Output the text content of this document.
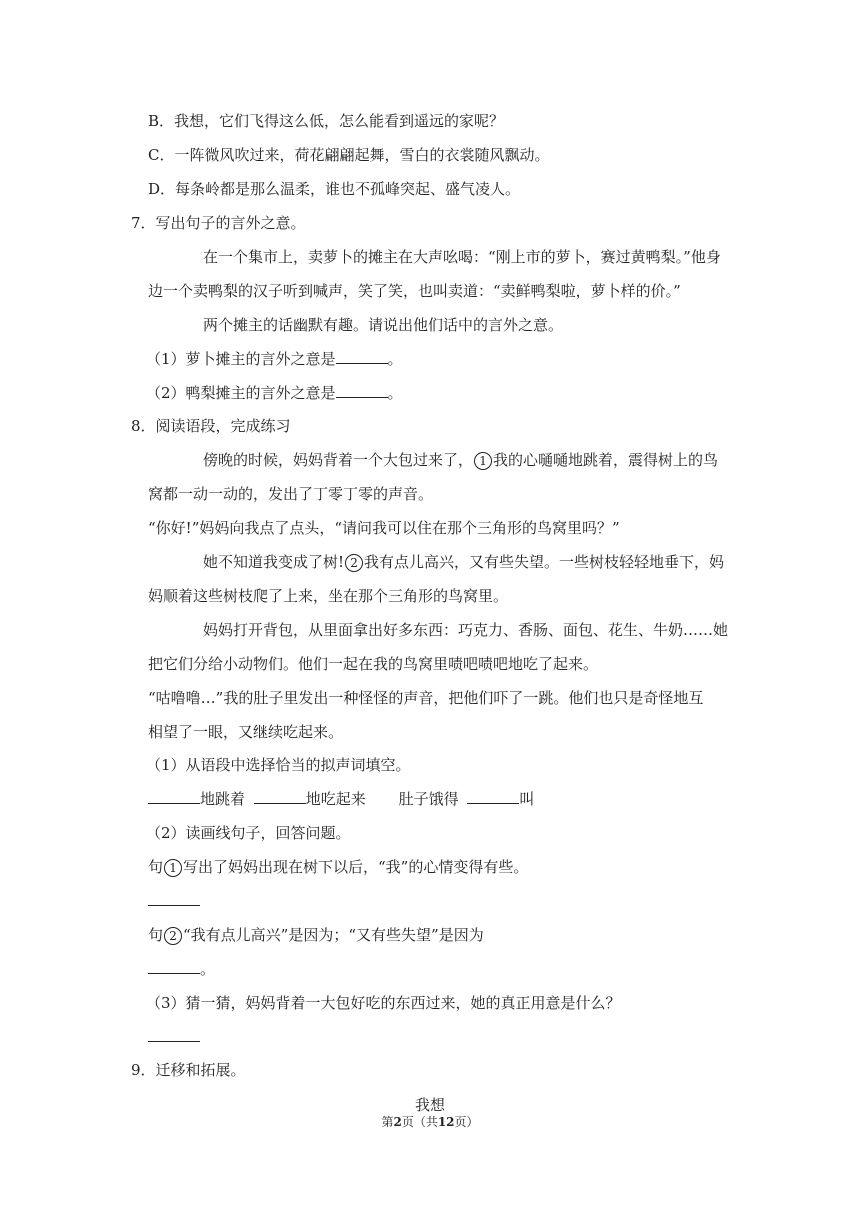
B．我想，它们飞得这么低，怎么能看到遥远的家呢？
C．一阵微风吹过来，荷花翩翩起舞，雪白的衣裳随风飘动。
D．每条岭都是那么温柔，谁也不孤峰突起、盛气凌人。
7．写出句子的言外之意。
在一个集市上，卖萝卜的摊主在大声吆喝：“刚上市的萝卜，赛过黄鸭梨。”他身
边一个卖鸭梨的汉子听到喊声，笑了笑，也叫卖道：“卖鲜鸭梨啦，萝卜样的价。”
两个摊主的话幽默有趣。请说出他们话中的言外之意。
（1）萝卜摊主的言外之意是	。
（2）鸭梨摊主的言外之意是	。
8．阅读语段，完成练习
傍晚的时候，妈妈背着一个大包过来了， 1 我的心嗵嗵地跳着，震得树上的鸟
窝都一动一动的，发出了丁零丁零的声音。
“你好!”妈妈向我点了点头，“请问我可以住在那个三角形的鸟窝里吗？”
她不知道我变成了树! 2 我有点儿高兴，又有些失望。一些树枝轻轻地垂下，妈
妈顺着这些树枝爬了上来，坐在那个三角形的鸟窝里。
妈妈打开背包，从里面拿出好多东西：巧克力、香肠、面包、花生、牛奶……她
把它们分给小动物们。他们一起在我的鸟窝里啧吧啧吧地吃了起来。
“咕噜噜…”我的肚子里发出一种怪怪的声音，把他们吓了一跳。他们也只是奇怪地互
相望了一眼，又继续吃起来。
（1）从语段中选择恰当的拟声词填空。
地跳着	地吃起来 肚子饿得	叫
（2）读画线句子，回答问题。
句 1 写出了妈妈出现在树下以后，“我”的心情变得有些。
句 2 “我有点儿高兴”是因为；“又有些失望”是因为
。
（3）猜一猜，妈妈背着一大包好吃的东西过来，她的真正用意是什么？
9．迁移和拓展。
我想
第2页（共12页）
